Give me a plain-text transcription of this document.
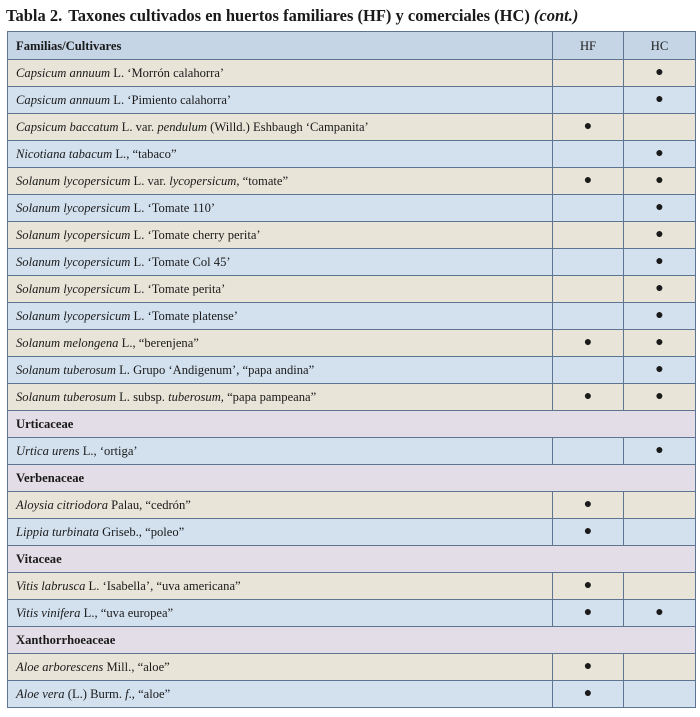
Tabla 2. Taxones cultivados en huertos familiares (HF) y comerciales (HC) (cont.)
Familias/Cultivares	HF	HC
Capsicum annuum L. ‘Morrón calahorra’		●
Capsicum annuum L. ‘Pimiento calahorra’		●
Capsicum baccatum L. var. pendulum (Willd.) Eshbaugh ‘Campanita’	●	
Nicotiana tabacum L., “tabaco”		●
Solanum lycopersicum L. var. lycopersicum, “tomate”	●	●
Solanum lycopersicum L. ‘Tomate 110’		●
Solanum lycopersicum L. ‘Tomate cherry perita’		●
Solanum lycopersicum L. ‘Tomate Col 45’		●
Solanum lycopersicum L. ‘Tomate perita’		●
Solanum lycopersicum L. ‘Tomate platense’		●
Solanum melongena L., “berenjena”	●	●
Solanum tuberosum L. Grupo ‘Andigenum’, “papa andina”		●
Solanum tuberosum L. subsp. tuberosum, “papa pampeana”	●	●
Urticaceae		
Urtica urens L., ‘ortiga’		●
Verbenaceae		
Aloysia citriodora Palau, “cedrón”	●	
Lippia turbinata Griseb., “poleo”	●	
Vitaceae		
Vitis labrusca L. ‘Isabella’, “uva americana”	●	
Vitis vinifera L., “uva europea”	●	●
Xanthorrhoeaceae		
Aloe arborescens Mill., “aloe”	●	
Aloe vera (L.) Burm. f., “aloe”	●	
